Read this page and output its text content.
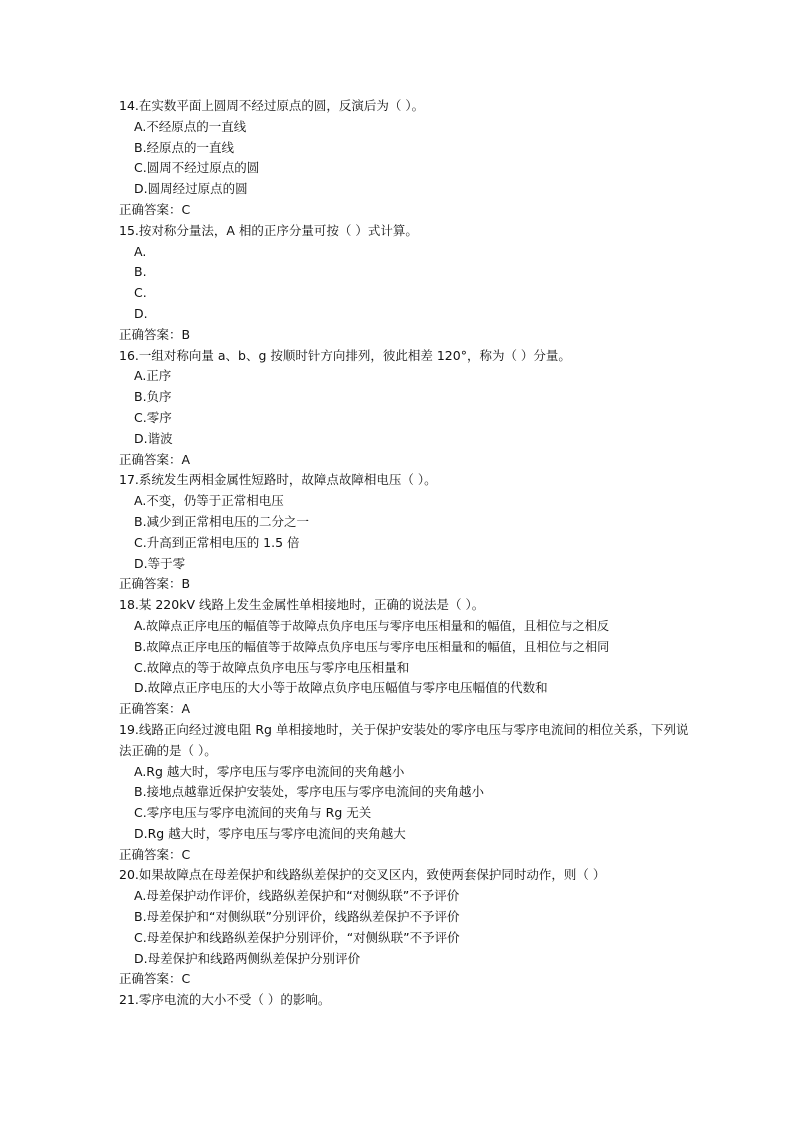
14.在实数平面上圆周不经过原点的圆，反演后为（ ）。
A.不经原点的一直线
B.经原点的一直线
C.圆周不经过原点的圆
D.圆周经过原点的圆
正确答案：C
15.按对称分量法，A 相的正序分量可按（ ）式计算。
A.
B.
C.
D.
正确答案：B
16.一组对称向量 a、b、g 按顺时针方向排列，彼此相差 120°，称为（ ）分量。
A.正序
B.负序
C.零序
D.谐波
正确答案：A
17.系统发生两相金属性短路时，故障点故障相电压（ ）。
A.不变，仍等于正常相电压
B.减少到正常相电压的二分之一
C.升高到正常相电压的 1.5 倍
D.等于零
正确答案：B
18.某 220kV 线路上发生金属性单相接地时，正确的说法是（ ）。
A.故障点正序电压的幅值等于故障点负序电压与零序电压相量和的幅值，且相位与之相反
B.故障点正序电压的幅值等于故障点负序电压与零序电压相量和的幅值，且相位与之相同
C.故障点的等于故障点负序电压与零序电压相量和
D.故障点正序电压的大小等于故障点负序电压幅值与零序电压幅值的代数和
正确答案：A
19.线路正向经过渡电阻 Rg 单相接地时，关于保护安装处的零序电压与零序电流间的相位关系，下列说法正确的是（ ）。
A.Rg 越大时，零序电压与零序电流间的夹角越小
B.接地点越靠近保护安装处，零序电压与零序电流间的夹角越小
C.零序电压与零序电流间的夹角与 Rg 无关
D.Rg 越大时，零序电压与零序电流间的夹角越大
正确答案：C
20.如果故障点在母差保护和线路纵差保护的交叉区内，致使两套保护同时动作，则（ ）
A.母差保护动作评价，线路纵差保护和“对侧纵联”不予评价
B.母差保护和“对侧纵联”分别评价，线路纵差保护不予评价
C.母差保护和线路纵差保护分别评价，“对侧纵联”不予评价
D.母差保护和线路两侧纵差保护分别评价
正确答案：C
21.零序电流的大小不受（ ）的影响。
